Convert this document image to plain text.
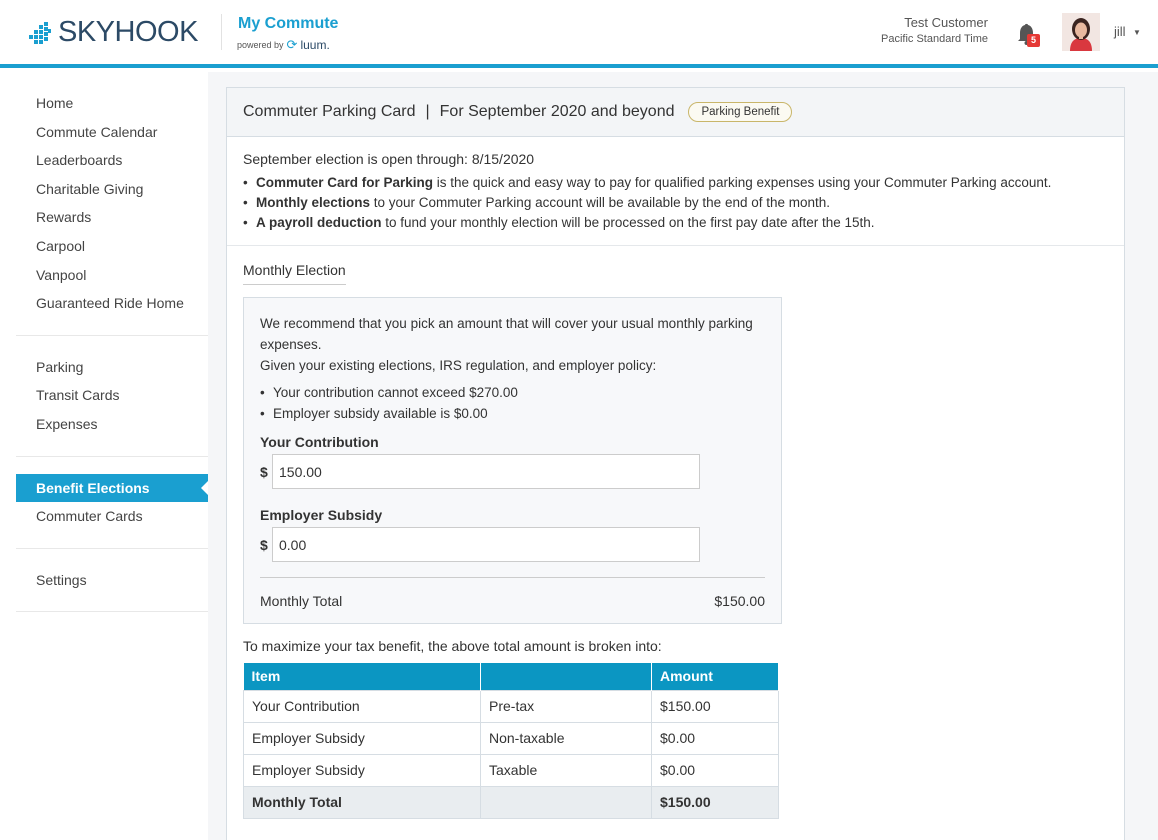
SKYHOOK	My Commute
powered by ⟳ luum.
Test Customer
Pacific Standard Time	5
jill ▼
Home
Commute Calendar
Leaderboards
Charitable Giving
Rewards
Carpool
Vanpool
Guaranteed Ride Home
Parking
Transit Cards
Expenses
Benefit Elections
Commuter Cards
Settings
Commuter Parking Card | For September 2020 and beyond	Parking Benefit
September election is open through: 8/15/2020
• Commuter Card for Parking is the quick and easy way to pay for qualified parking expenses using your Commuter Parking account.
• Monthly elections to your Commuter Parking account will be available by the end of the month.
• A payroll deduction to fund your monthly election will be processed on the first pay date after the 15th.
Monthly Election

We recommend that you pick an amount that will cover your usual monthly parking expenses.

Given your existing elections, IRS regulation, and employer policy:

• Your contribution cannot exceed $270.00
• Employer subsidy available is $0.00
Your Contribution
$ 150.00
Employer Subsidy
$ 0.00
Monthly Total	$150.00
To maximize your tax benefit, the above total amount is broken into:
Item		Amount
Your Contribution	Pre-tax	$150.00
Employer Subsidy	Non-taxable	$0.00
Employer Subsidy	Taxable	$0.00
Monthly Total		$150.00
